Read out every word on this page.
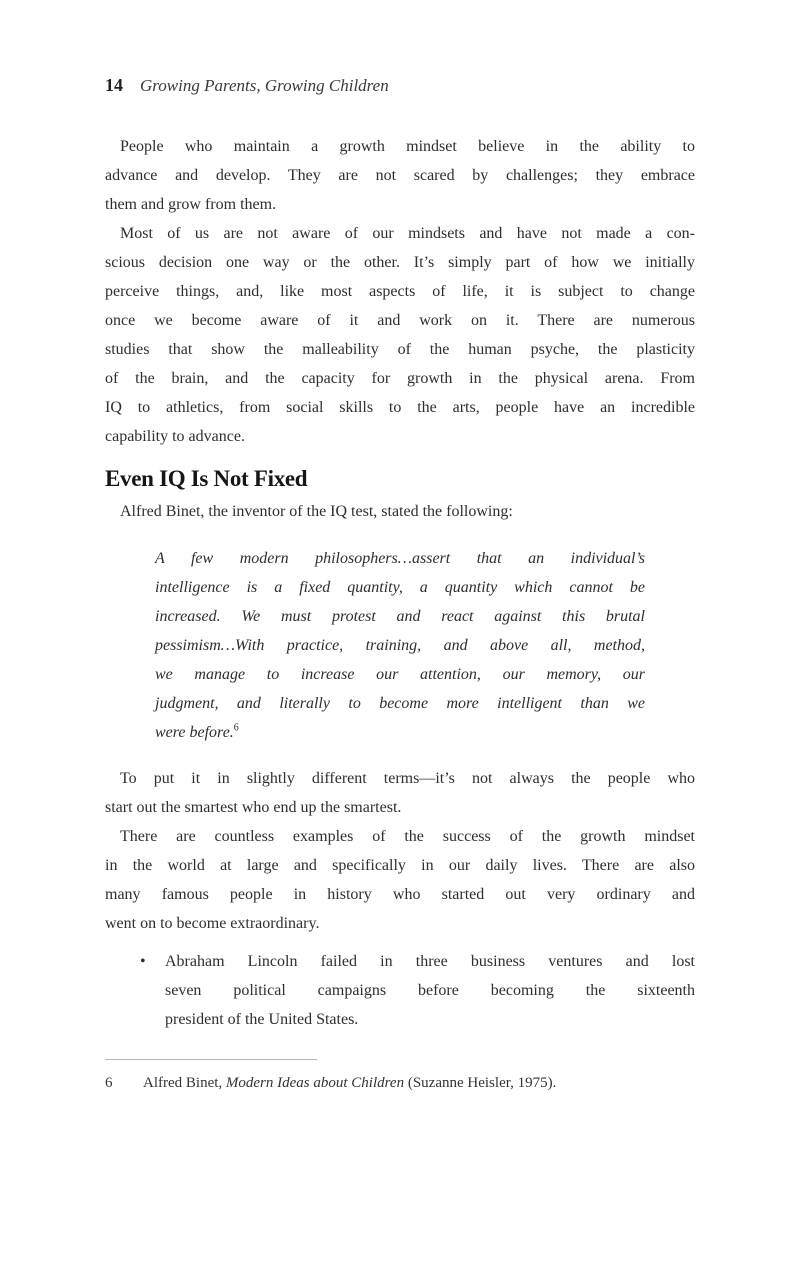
14 Growing Parents, Growing Children
People who maintain a growth mindset believe in the ability to
advance and develop. They are not scared by challenges; they embrace
them and grow from them.
Most of us are not aware of our mindsets and have not made a con-
scious decision one way or the other. It’s simply part of how we initially
perceive things, and, like most aspects of life, it is subject to change
once we become aware of it and work on it. There are numerous
studies that show the malleability of the human psyche, the plasticity
of the brain, and the capacity for growth in the physical arena. From
IQ to athletics, from social skills to the arts, people have an incredible
capability to advance.
Even IQ Is Not Fixed
Alfred Binet, the inventor of the IQ test, stated the following:
A few modern philosophers…assert that an individual’s
intelligence is a fixed quantity, a quantity which cannot be
increased. We must protest and react against this brutal
pessimism…With practice, training, and above all, method,
we manage to increase our attention, our memory, our
judgment, and literally to become more intelligent than we
were before.$^6$
To put it in slightly different terms—it’s not always the people who
start out the smartest who end up the smartest.
There are countless examples of the success of the growth mindset
in the world at large and specifically in our daily lives. There are also
many famous people in history who started out very ordinary and
went on to become extraordinary.
• Abraham Lincoln failed in three business ventures and lost
seven political campaigns before becoming the sixteenth
president of the United States.
6	Alfred Binet, Modern Ideas about Children (Suzanne Heisler, 1975).
